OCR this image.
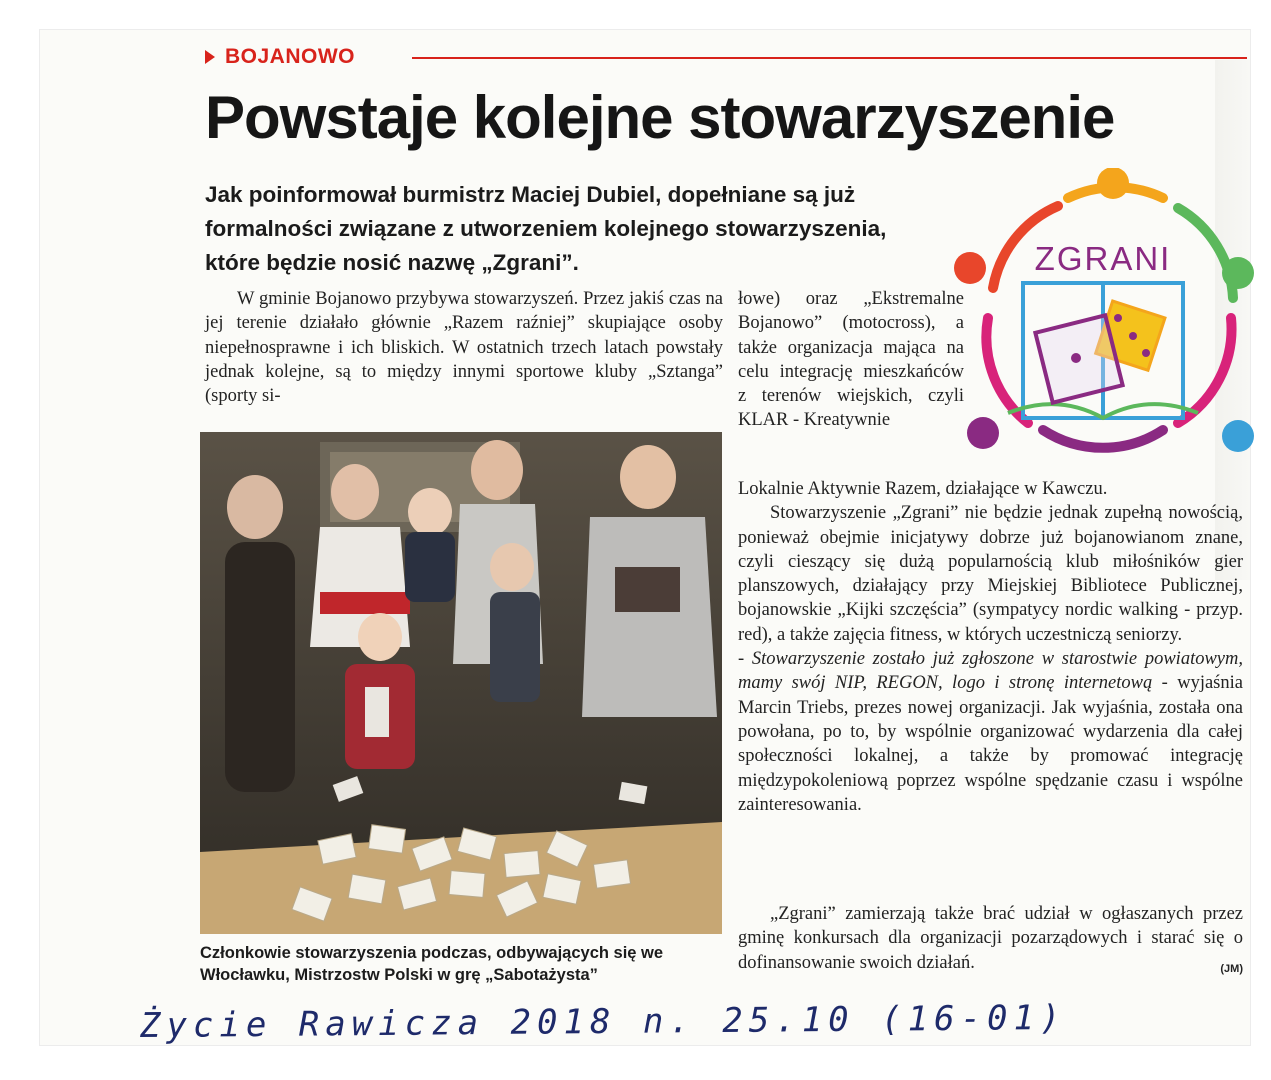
BOJANOWO
Powstaje kolejne stowarzyszenie
Jak poinformował burmistrz Maciej Dubiel, dopełniane są już formalności związane z utworzeniem kolejnego stowarzyszenia, które będzie nosić nazwę „Zgrani”.

W gminie Bojanowo przybywa stowarzyszeń. Przez jakiś czas na jej terenie działało głównie „Razem raźniej” skupiające osoby niepełnosprawne i ich bliskich. W ostatnich trzech latach powstały jednak kolejne, są to między innymi sportowe kluby „Sztanga” (sporty si-

łowe) oraz „Ekstremalne Bojanowo” (motocross), a także organizacja mająca na celu integrację mieszkańców z terenów wiejskich, czyli KLAR - Kreatywnie

Lokalnie Aktywnie Razem, działające w Kawczu.

Stowarzyszenie „Zgrani” nie będzie jednak zupełną nowością, ponieważ obejmie inicjatywy dobrze już bojanowianom znane, czyli cieszący się dużą popularnością klub miłośników gier planszowych, działający przy Miejskiej Bibliotece Publicznej, bojanowskie „Kijki szczęścia” (sympatycy nordic walking - przyp. red), a także zajęcia fitness, w których uczestniczą seniorzy.

- Stowarzyszenie zostało już zgłoszone w starostwie powiatowym, mamy swój NIP, REGON, logo i stronę internetową - wyjaśnia Marcin Triebs, prezes nowej organizacji. Jak wyjaśnia, została ona powołana, po to, by wspólnie organizować wydarzenia dla całej społeczności lokalnej, a także by promować integrację międzypokoleniową poprzez wspólne spędzanie czasu i wspólne zainteresowania.

„Zgrani” zamierzają także brać udział w ogłaszanych przez gminę konkursach dla organizacji pozarządowych i starać się o dofinansowanie swoich działań.	(JM)

Członkowie stowarzyszenia podczas, odbywających się we Włocławku, Mistrzostw Polski w grę „Sabotażysta”
ZGRANI
Życie Rawicza 2018 n. 25.10 (16-01)
